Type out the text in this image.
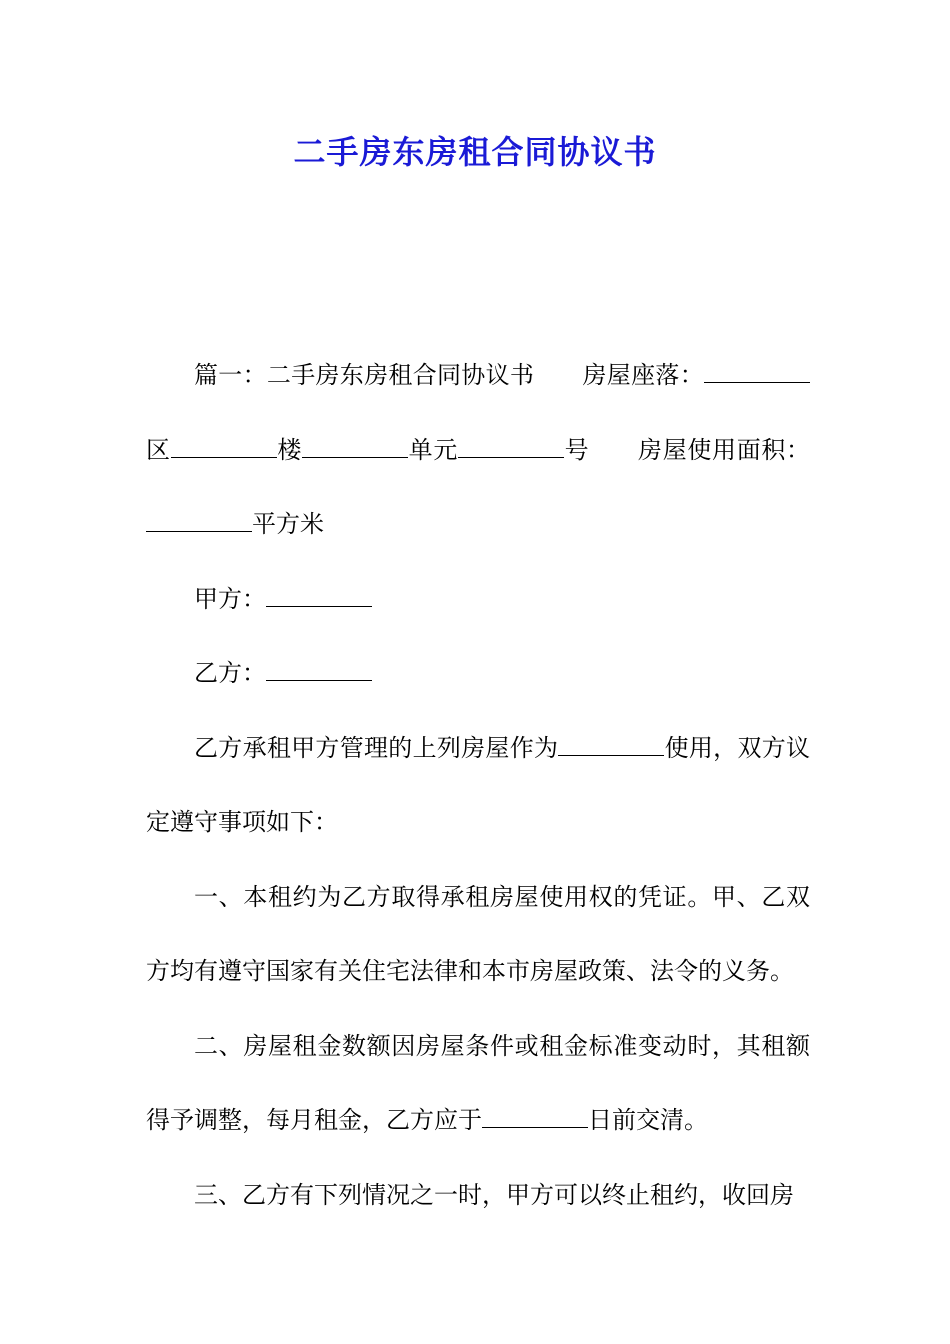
二手房东房租合同协议书

篇一：二手房东房租合同协议书 房屋座落：区	楼	单元	号 房屋使用面积：平方米

甲方：

乙方：

乙方承租甲方管理的上列房屋作为	使用，双方议定遵守事项如下：

一、本租约为乙方取得承租房屋使用权的凭证。甲、乙双方均有遵守国家有关住宅法律和本市房屋政策、法令的义务。

二、房屋租金数额因房屋条件或租金标准变动时，其租额得予调整，每月租金，乙方应于	日前交清。

三、乙方有下列情况之一时，甲方可以终止租约，收回房
